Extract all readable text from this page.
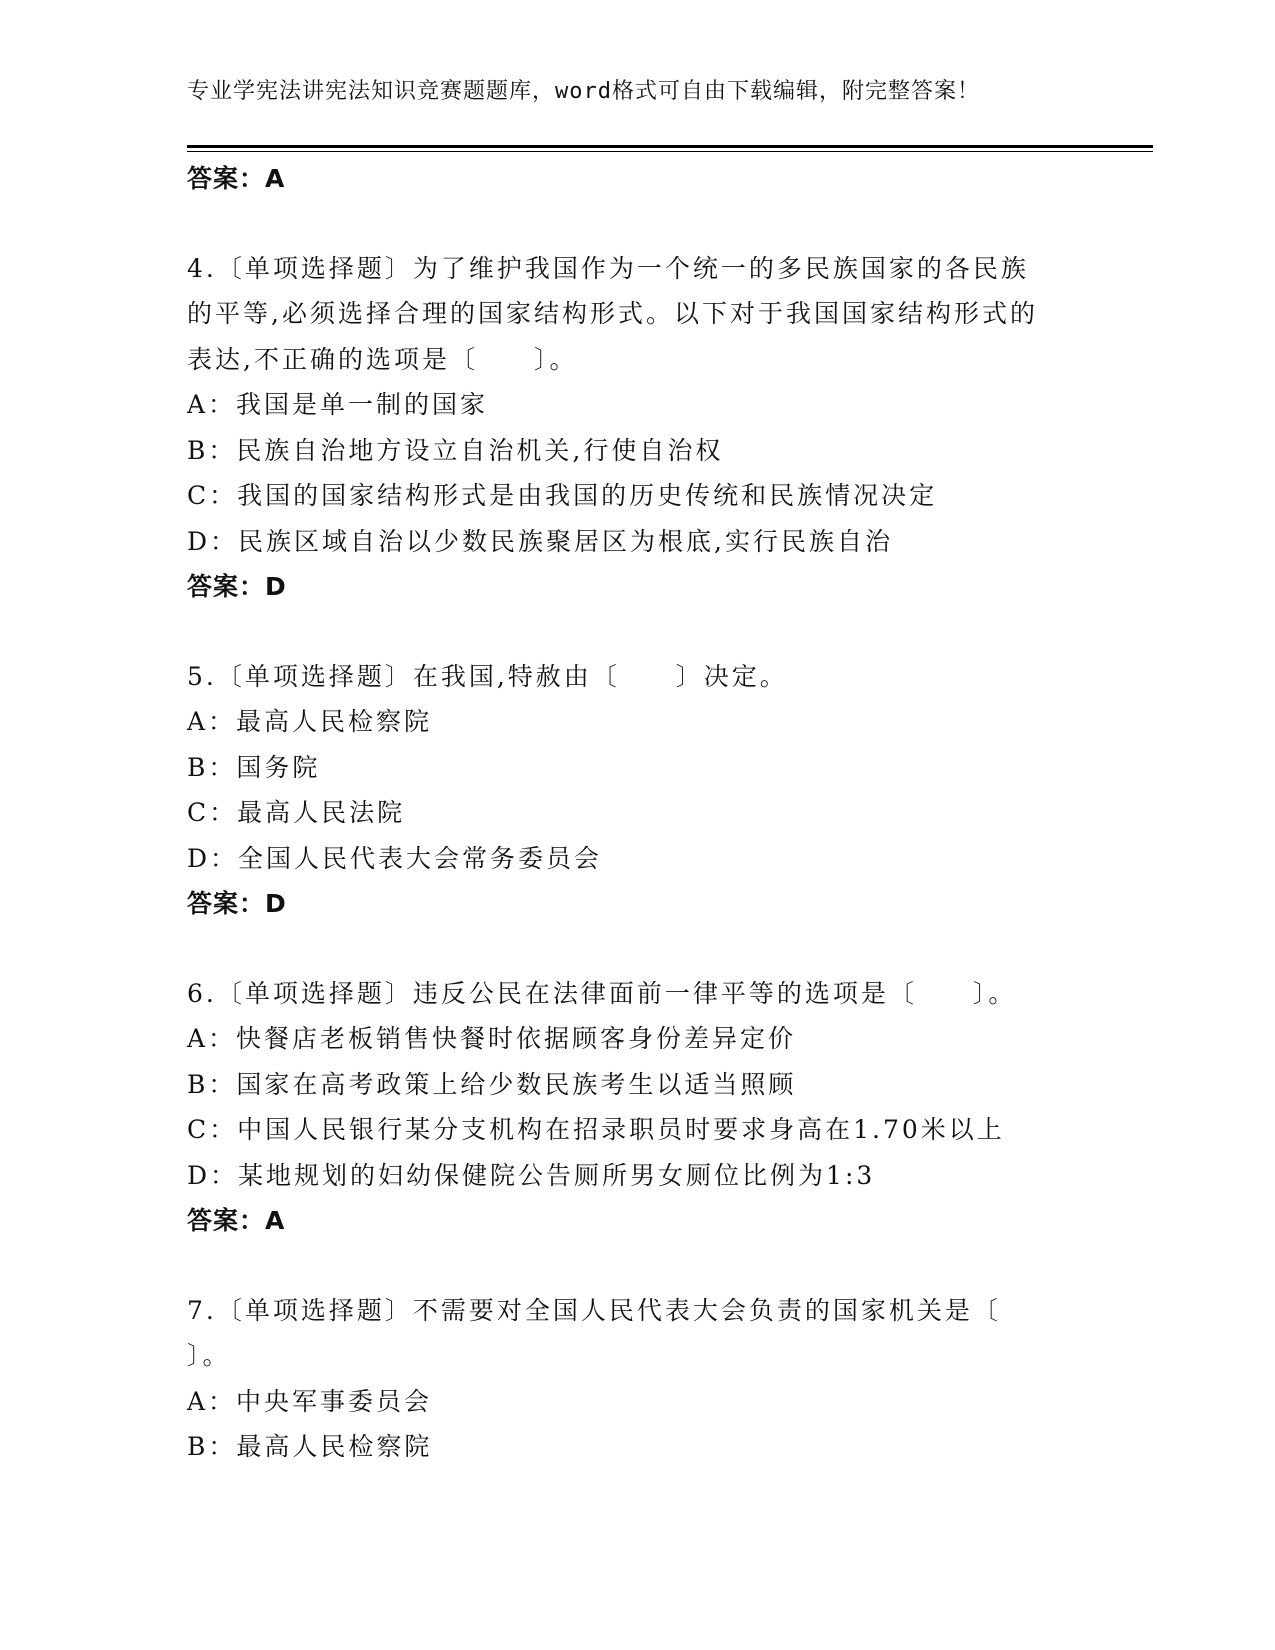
专业学宪法讲宪法知识竞赛题题库，word格式可自由下载编辑，附完整答案！
答案：A
4.〔单项选择题〕为了维护我国作为一个统一的多民族国家的各民族
的平等,必须选择合理的国家结构形式。以下对于我国国家结构形式的
表达,不正确的选项是〔　　〕。
A：我国是单一制的国家
B：民族自治地方设立自治机关,行使自治权
C：我国的国家结构形式是由我国的历史传统和民族情况决定
D：民族区域自治以少数民族聚居区为根底,实行民族自治
答案：D
5.〔单项选择题〕在我国,特赦由〔　　〕决定。
A：最高人民检察院
B：国务院
C：最高人民法院
D：全国人民代表大会常务委员会
答案：D
6.〔单项选择题〕违反公民在法律面前一律平等的选项是〔　　〕。
A：快餐店老板销售快餐时依据顾客身份差异定价
B：国家在高考政策上给少数民族考生以适当照顾
C：中国人民银行某分支机构在招录职员时要求身高在1.70米以上
D：某地规划的妇幼保健院公告厕所男女厕位比例为1:3
答案：A
7.〔单项选择题〕不需要对全国人民代表大会负责的国家机关是〔
〕。
A：中央军事委员会
B：最高人民检察院
